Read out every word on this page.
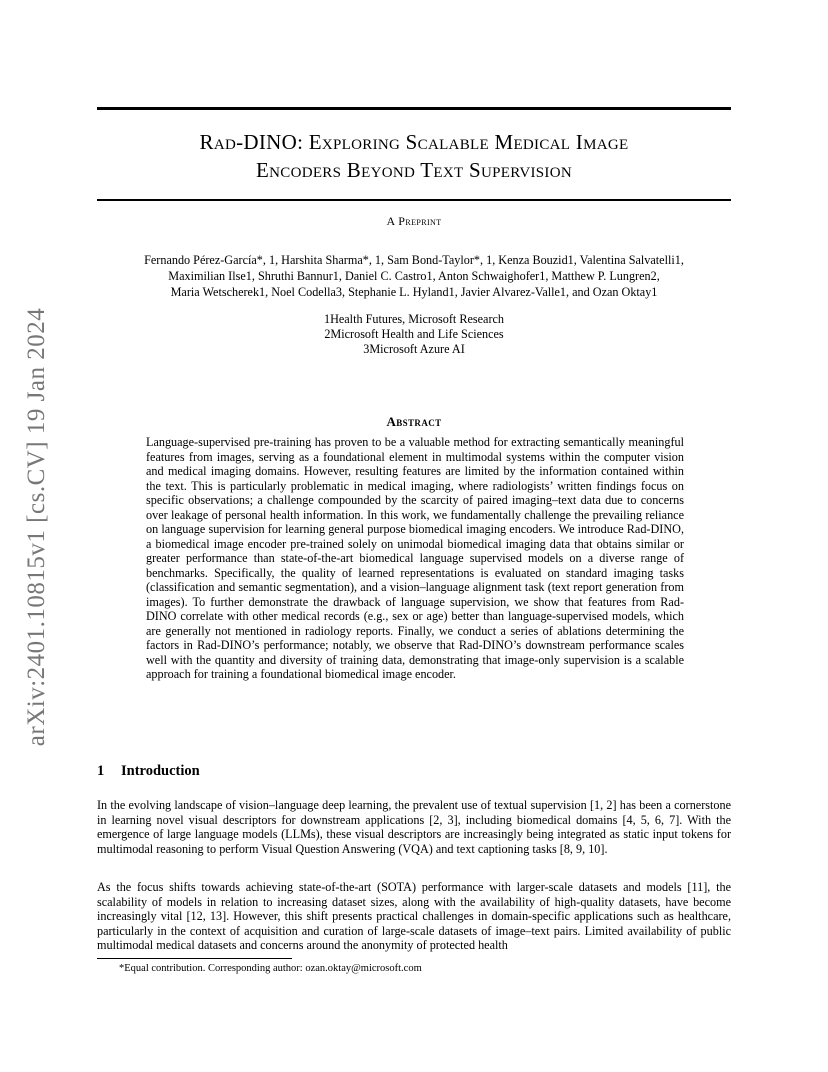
arXiv:2401.10815v1 [cs.CV] 19 Jan 2024
Rad-DINO: Exploring Scalable Medical Image
Encoders Beyond Text Supervision
A Preprint
Fernando Pérez-García*, 1, Harshita Sharma*, 1, Sam Bond-Taylor*, 1, Kenza Bouzid1, Valentina Salvatelli1,
Maximilian Ilse1, Shruthi Bannur1, Daniel C. Castro1, Anton Schwaighofer1, Matthew P. Lungren2,
Maria Wetscherek1, Noel Codella3, Stephanie L. Hyland1, Javier Alvarez-Valle1, and Ozan Oktay1
1Health Futures, Microsoft Research
2Microsoft Health and Life Sciences
3Microsoft Azure AI
Abstract
Language-supervised pre-training has proven to be a valuable method for extracting semantically meaningful features from images, serving as a foundational element in multimodal systems within the computer vision and medical imaging domains. However, resulting features are limited by the information contained within the text. This is particularly problematic in medical imaging, where radiologists’ written findings focus on specific observations; a challenge compounded by the scarcity of paired imaging–text data due to concerns over leakage of personal health information. In this work, we fundamentally challenge the prevailing reliance on language supervision for learning general purpose biomedical imaging encoders. We introduce Rad-DINO, a biomedical image encoder pre-trained solely on unimodal biomedical imaging data that obtains similar or greater performance than state-of-the-art biomedical language supervised models on a diverse range of benchmarks. Specifically, the quality of learned representations is evaluated on standard imaging tasks (classification and semantic segmentation), and a vision–language alignment task (text report generation from images). To further demonstrate the drawback of language supervision, we show that features from Rad-DINO correlate with other medical records (e.g., sex or age) better than language-supervised models, which are generally not mentioned in radiology reports. Finally, we conduct a series of ablations determining the factors in Rad-DINO’s performance; notably, we observe that Rad-DINO’s downstream performance scales well with the quantity and diversity of training data, demonstrating that image-only supervision is a scalable approach for training a foundational biomedical image encoder.
1 Introduction
In the evolving landscape of vision–language deep learning, the prevalent use of textual supervision [1, 2] has been a cornerstone in learning novel visual descriptors for downstream applications [2, 3], including biomedical domains [4, 5, 6, 7]. With the emergence of large language models (LLMs), these visual descriptors are increasingly being integrated as static input tokens for multimodal reasoning to perform Visual Question Answering (VQA) and text captioning tasks [8, 9, 10].
As the focus shifts towards achieving state-of-the-art (SOTA) performance with larger-scale datasets and models [11], the scalability of models in relation to increasing dataset sizes, along with the availability of high-quality datasets, have become increasingly vital [12, 13]. However, this shift presents practical challenges in domain-specific applications such as healthcare, particularly in the context of acquisition and curation of large-scale datasets of image–text pairs. Limited availability of public multimodal medical datasets and concerns around the anonymity of protected health
*Equal contribution. Corresponding author: ozan.oktay@microsoft.com
